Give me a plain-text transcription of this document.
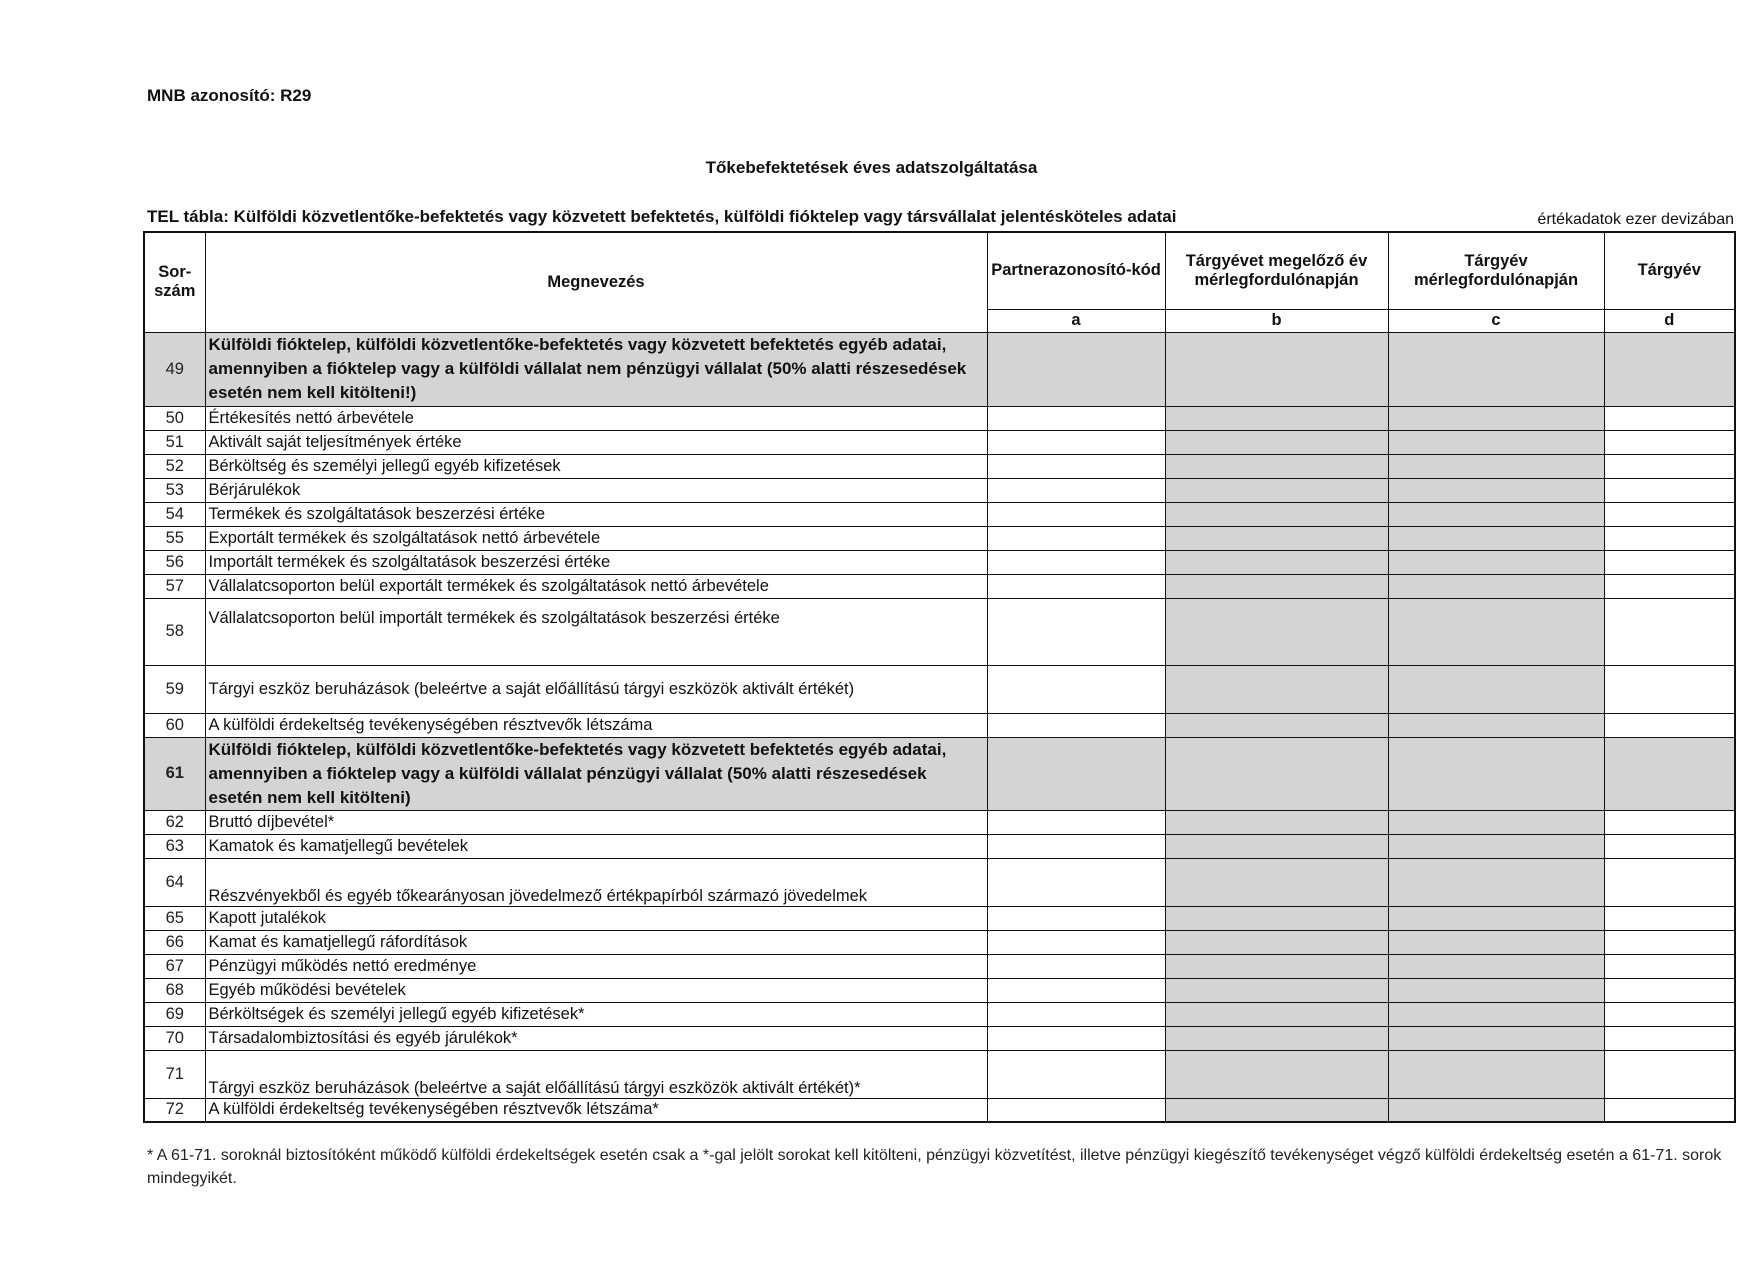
MNB azonosító: R29
Tőkebefektetések éves adatszolgáltatása
TEL tábla: Külföldi közvetlentőke-befektetés vagy közvetett befektetés, külföldi fióktelep vagy társvállalat jelentésköteles adatai	értékadatok ezer devizában
Sor-szám	Megnevezés	Partnerazonosító-kód	Tárgyévet megelőző év mérlegfordulónapján	Tárgyév mérlegfordulónapján	Tárgyév
		a	b	c	d
49	Külföldi fióktelep, külföldi közvetlentőke-befektetés vagy közvetett befektetés egyéb adatai, amennyiben a fióktelep vagy a külföldi vállalat nem pénzügyi vállalat (50% alatti részesedések esetén nem kell kitölteni!)				
50	Értékesítés nettó árbevétele				
51	Aktivált saját teljesítmények értéke				
52	Bérköltség és személyi jellegű egyéb kifizetések				
53	Bérjárulékok				
54	Termékek és szolgáltatások beszerzési értéke				
55	Exportált termékek és szolgáltatások nettó árbevétele				
56	Importált termékek és szolgáltatások beszerzési értéke				
57	Vállalatcsoporton belül exportált termékek és szolgáltatások nettó árbevétele				
58	Vállalatcsoporton belül importált termékek és szolgáltatások beszerzési értéke				
59	Tárgyi eszköz beruházások (beleértve a saját előállítású tárgyi eszközök aktivált értékét)				
60	A külföldi érdekeltség tevékenységében résztvevők létszáma				
61	Külföldi fióktelep, külföldi közvetlentőke-befektetés vagy közvetett befektetés egyéb adatai, amennyiben a fióktelep vagy a külföldi vállalat pénzügyi vállalat (50% alatti részesedések esetén nem kell kitölteni)				
62	Bruttó díjbevétel*				
63	Kamatok és kamatjellegű bevételek				
64	Részvényekből és egyéb tőkearányosan jövedelmező értékpapírból származó jövedelmek				
65	Kapott jutalékok				
66	Kamat és kamatjellegű ráfordítások				
67	Pénzügyi működés nettó eredménye				
68	Egyéb működési bevételek				
69	Bérköltségek és személyi jellegű egyéb kifizetések*				
70	Társadalombiztosítási és egyéb járulékok*				
71	Tárgyi eszköz beruházások (beleértve a saját előállítású tárgyi eszközök aktivált értékét)*				
72	A külföldi érdekeltség tevékenységében résztvevők létszáma*				
* A 61-71. soroknál biztosítóként működő külföldi érdekeltségek esetén csak a *-gal jelölt sorokat kell kitölteni, pénzügyi közvetítést, illetve pénzügyi kiegészítő tevékenységet végző külföldi érdekeltség esetén a 61-71. sorok mindegyikét.
